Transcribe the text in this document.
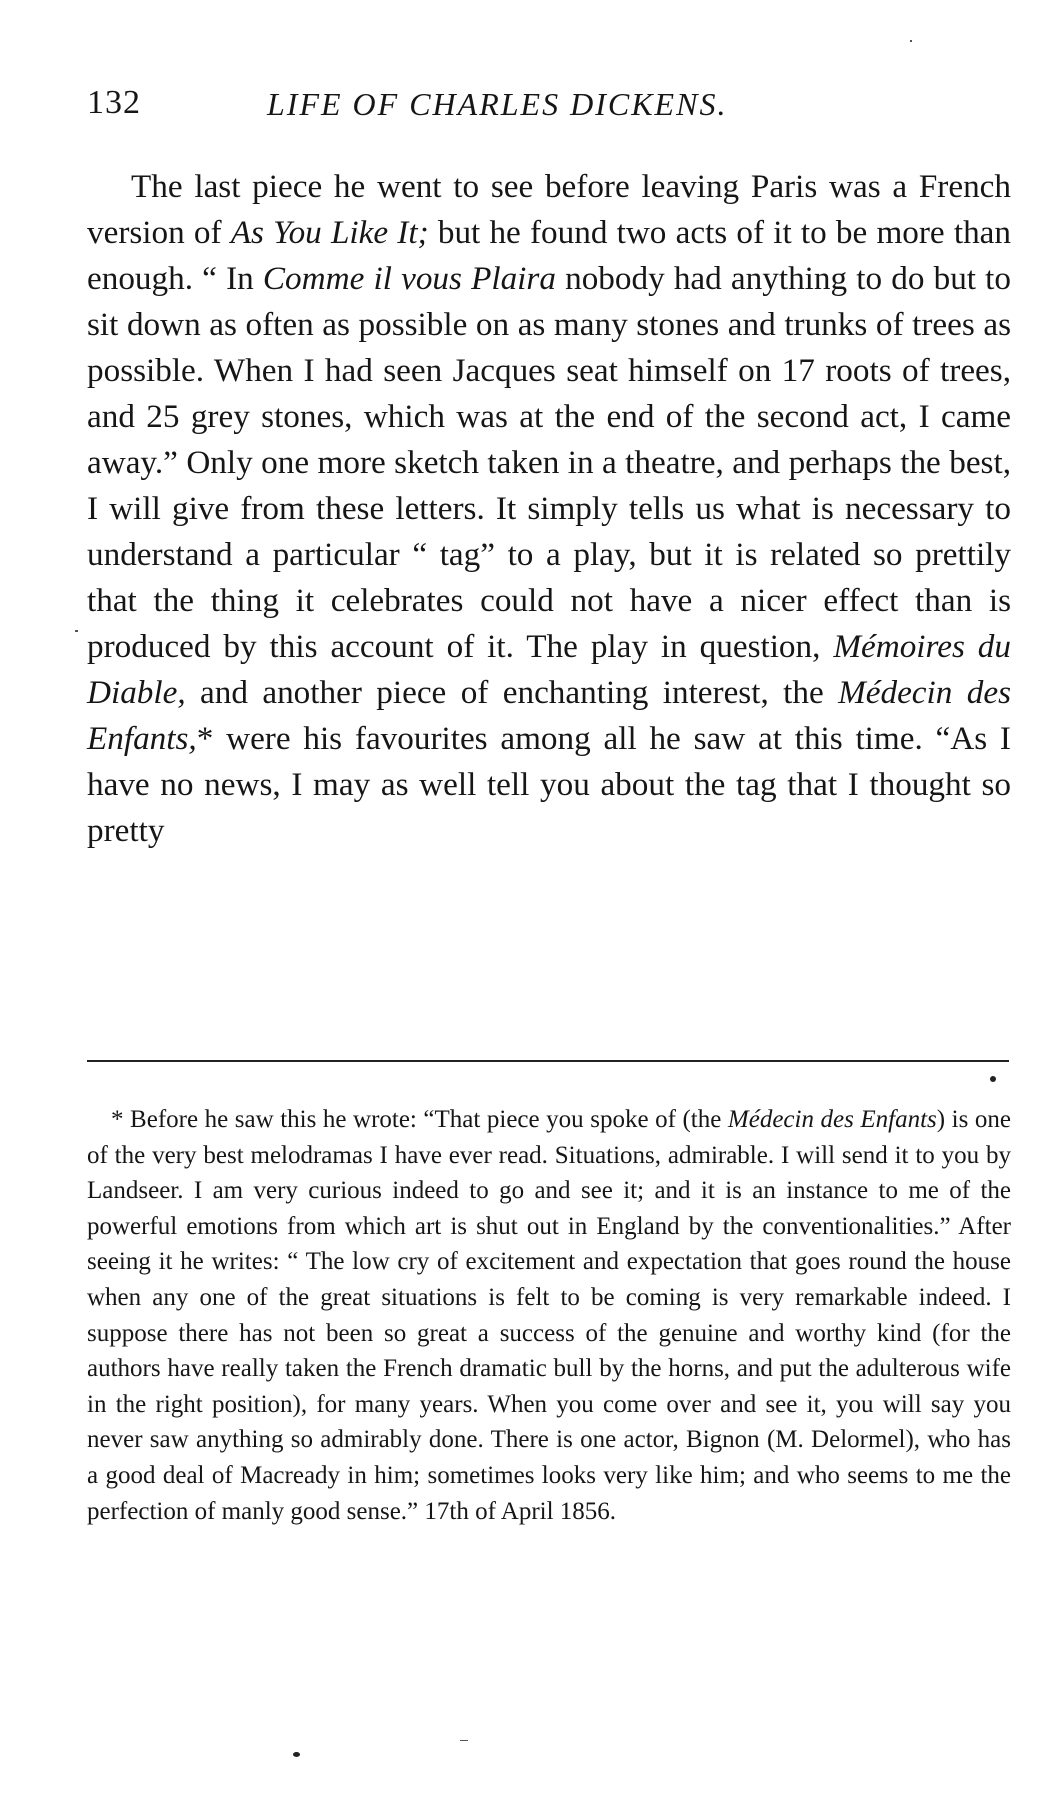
132	LIFE OF CHARLES DICKENS.

The last piece he went to see before leaving Paris was a French version of As You Like It; but he found two acts of it to be more than enough. “ In Comme il vous Plaira nobody had anything to do but to sit down as often as possible on as many stones and trunks of trees as possible. When I had seen Jacques seat himself on 17 roots of trees, and 25 grey stones, which was at the end of the second act, I came away.” Only one more sketch taken in a theatre, and perhaps the best, I will give from these letters. It simply tells us what is necessary to understand a particular “ tag” to a play, but it is related so prettily that the thing it celebrates could not have a nicer effect than is produced by this account of it. The play in question, Mémoires du Diable, and another piece of enchanting interest, the Médecin des Enfants,* were his favourites among all he saw at this time. “As I have no news, I may as well tell you about the tag that I thought so pretty

* Before he saw this he wrote: “That piece you spoke of (the Médecin des Enfants) is one of the very best melodramas I have ever read. Situations, admirable. I will send it to you by Landseer. I am very curious indeed to go and see it; and it is an instance to me of the powerful emotions from which art is shut out in England by the conventionalities.” After seeing it he writes: “ The low cry of excitement and expectation that goes round the house when any one of the great situations is felt to be coming is very remarkable indeed. I suppose there has not been so great a success of the genuine and worthy kind (for the authors have really taken the French dramatic bull by the horns, and put the adulterous wife in the right position), for many years. When you come over and see it, you will say you never saw anything so admirably done. There is one actor, Bignon (M. Delormel), who has a good deal of Macready in him; sometimes looks very like him; and who seems to me the perfection of manly good sense.” 17th of April 1856.
